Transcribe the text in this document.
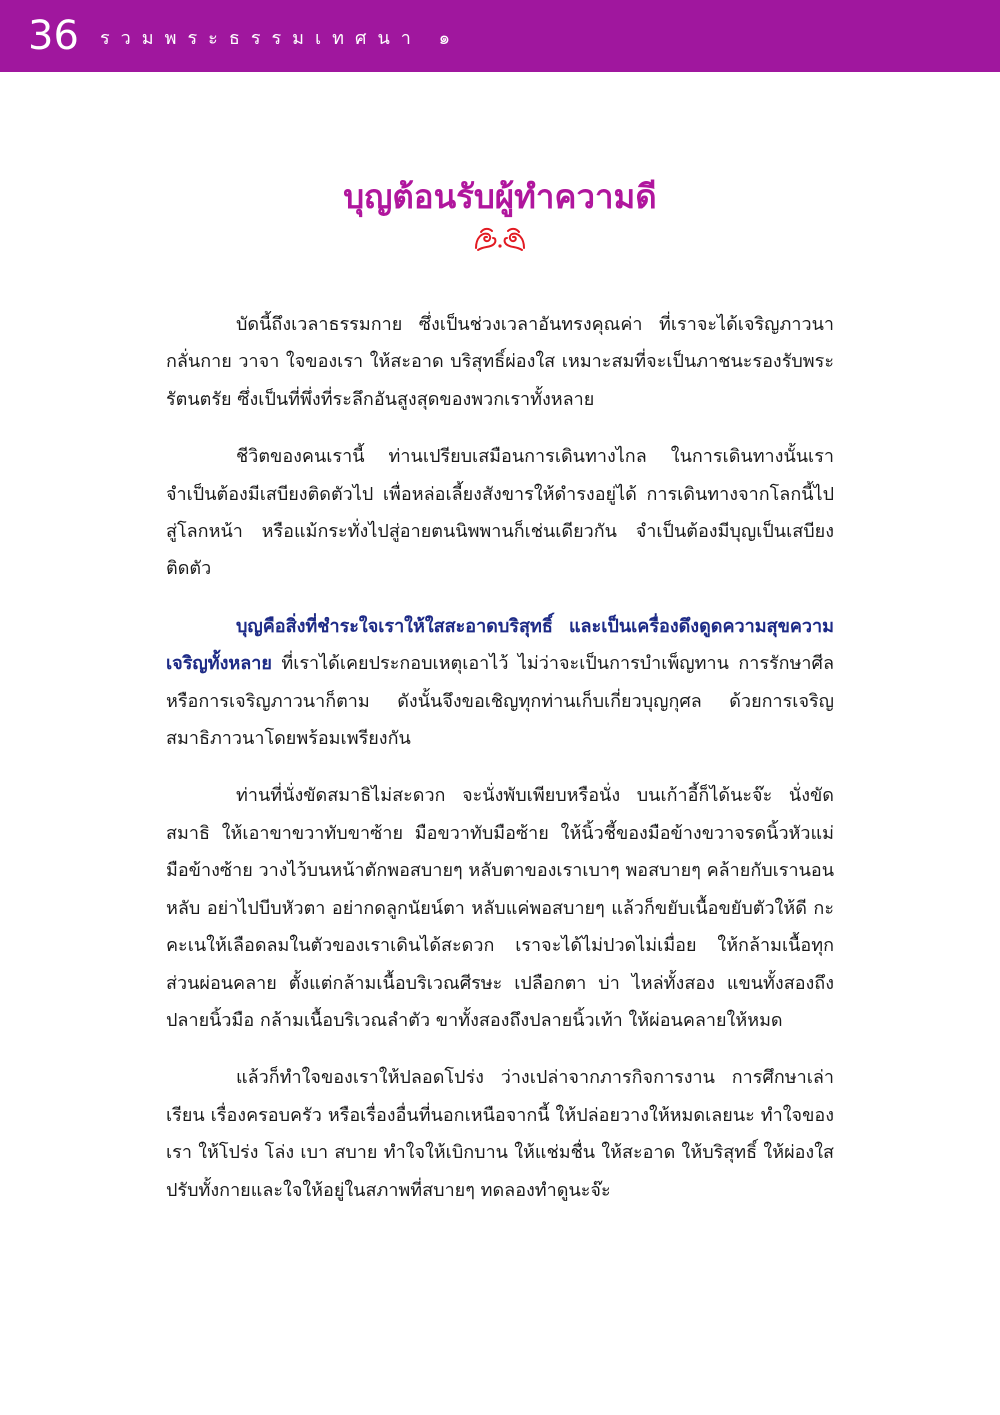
36 รวมพระธรรมเทศนา ๑
บุญต้อนรับผู้ทำความดี

บัดนี้ถึงเวลาธรรมกาย ซึ่งเป็นช่วงเวลาอันทรงคุณค่า ที่เราจะได้เจริญภาวนา กลั่นกาย วาจา ใจของเรา ให้สะอาด บริสุทธิ์ผ่องใส เหมาะสมที่จะเป็นภาชนะรองรับพระรัตนตรัย ซึ่งเป็นที่พึ่งที่ระลึกอันสูงสุดของพวกเราทั้งหลาย

ชีวิตของคนเรานี้ ท่านเปรียบเสมือนการเดินทางไกล ในการเดินทางนั้นเราจำเป็นต้องมีเสบียงติดตัวไป เพื่อหล่อเลี้ยงสังขารให้ดำรงอยู่ได้ การเดินทางจากโลกนี้ไปสู่โลกหน้า หรือแม้กระทั่งไปสู่อายตนนิพพานก็เช่นเดียวกัน จำเป็นต้องมีบุญเป็นเสบียงติดตัว

บุญคือสิ่งที่ชำระใจเราให้ใสสะอาดบริสุทธิ์ และเป็นเครื่องดึงดูดความสุขความเจริญทั้งหลาย ที่เราได้เคยประกอบเหตุเอาไว้ ไม่ว่าจะเป็นการบำเพ็ญทาน การรักษาศีล หรือการเจริญภาวนาก็ตาม ดังนั้นจึงขอเชิญทุกท่านเก็บเกี่ยวบุญกุศล ด้วยการเจริญสมาธิภาวนาโดยพร้อมเพรียงกัน

ท่านที่นั่งขัดสมาธิไม่สะดวก จะนั่งพับเพียบหรือนั่ง บนเก้าอี้ก็ได้นะจ๊ะ นั่งขัดสมาธิ ให้เอาขาขวาทับขาซ้าย มือขวาทับมือซ้าย ให้นิ้วชี้ของมือข้างขวาจรดนิ้วหัวแม่มือข้างซ้าย วางไว้บนหน้าตักพอสบายๆ หลับตาของเราเบาๆ พอสบายๆ คล้ายกับเรานอนหลับ อย่าไปบีบหัวตา อย่ากดลูกนัยน์ตา หลับแค่พอสบายๆ แล้วก็ขยับเนื้อขยับตัวให้ดี กะคะเนให้เลือดลมในตัวของเราเดินได้สะดวก เราจะได้ไม่ปวดไม่เมื่อย ให้กล้ามเนื้อทุกส่วนผ่อนคลาย ตั้งแต่กล้ามเนื้อบริเวณศีรษะ เปลือกตา บ่า ไหล่ทั้งสอง แขนทั้งสองถึงปลายนิ้วมือ กล้ามเนื้อบริเวณลำตัว ขาทั้งสองถึงปลายนิ้วเท้า ให้ผ่อนคลายให้หมด

แล้วก็ทำใจของเราให้ปลอดโปร่ง ว่างเปล่าจากภารกิจการงาน การศึกษาเล่าเรียน เรื่องครอบครัว หรือเรื่องอื่นที่นอกเหนือจากนี้ ให้ปล่อยวางให้หมดเลยนะ ทำใจของเรา ให้โปร่ง โล่ง เบา สบาย ทำใจให้เบิกบาน ให้แช่มชื่น ให้สะอาด ให้บริสุทธิ์ ให้ผ่องใส ปรับทั้งกายและใจให้อยู่ในสภาพที่สบายๆ ทดลองทำดูนะจ๊ะ
